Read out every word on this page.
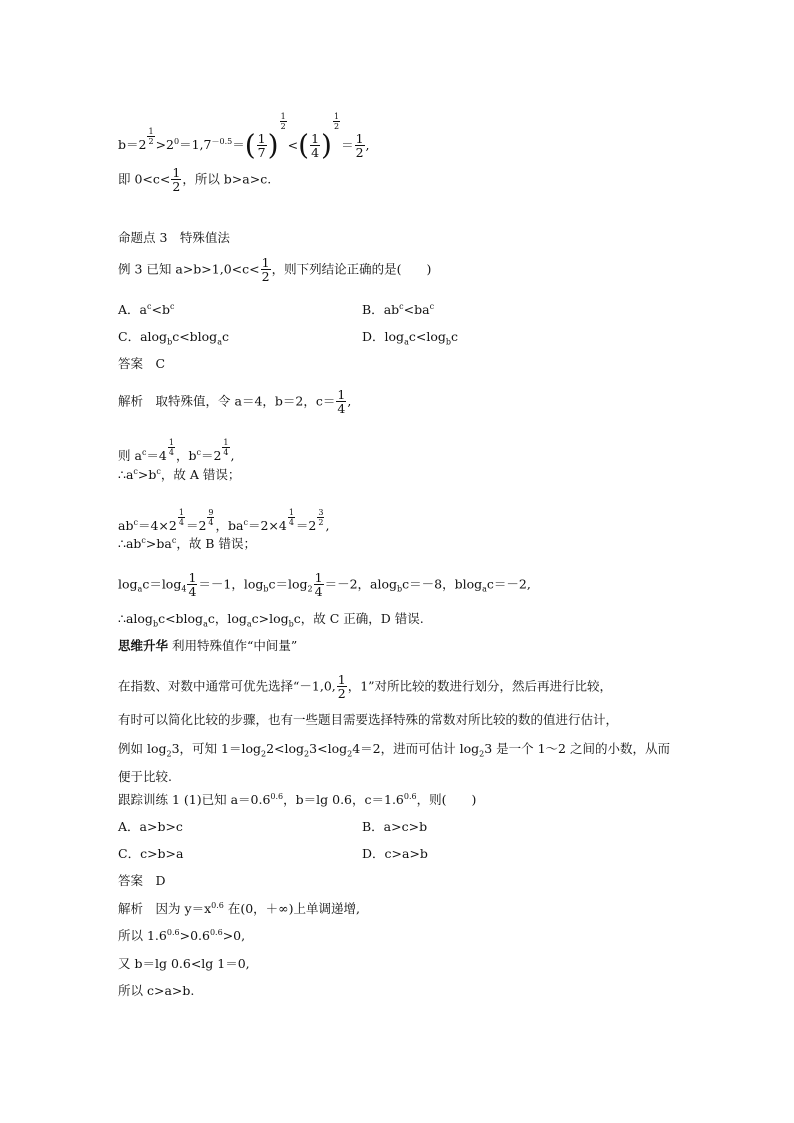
$b=2 \frac{1}{2} >2^0=1,7^{-0.5}=( \frac{1}{7}$ )
$\frac{1}{2}$
<( $\frac{1}{4}$ )
$\frac{1}{2}$
＝ $\frac{1}{2}$ ,
即 $0<c< \frac{1}{2}$ ，所以 b>a>c.
命题点 3　特殊值法
例 3 已知 $a>b>1,0<c< \frac{1}{2}$ ，则下列结论正确的是(　　)
A．$a^c<b^c$	B．$ab^c<ba^c$
C．alog$_b$c<blog$_a$c	D．$\log_ac<\log_bc$
答案　 C
解析　 取特殊值，令 a＝4，b＝2，$c= \frac{1}{4}$ ,
则 $a^c=4 \frac{1}{4}$ ，$b^c=2 \frac{1}{4}$ ,
$\therefore a^c>b^c$，故 A 错误；
$ab^c=4\times 2 \frac{1}{4} =2 \frac{9}{4}$ ，$ba^c=2\times 4 \frac{1}{4} =2 \frac{3}{2}$ ,
$\therefore ab^c>ba^c$，故 B 错误；
$\log_ac=\log_4 \frac{1}{4} =-1$，$\log_bc=\log_2 \frac{1}{4} =-2$，alog$_b$c＝－8，blog$_a$c＝－2,
∴alog$_b$c<blog$_a$c，$\log_ac>\log_bc$，故 C 正确，D 错误.
思维升华 利用特殊值作“中间量”
在指数、对数中通常可优先选择“－1,0, $\frac{1}{2}$ ，1”对所比较的数进行划分，然后再进行比较，
有时可以简化比较的步骤，也有一些题目需要选择特殊的常数对所比较的数的值进行估计，
例如 $\log_23$，可知 $1=\log_22<\log_23<\log_24=2$，进而可估计 $\log_23$ 是一个 1～2 之间的小数，从而
便于比较.
跟踪训练 1 (1)已知 $a=0.6^{0.6}$，b＝lg 0.6，$c=1.6^{0.6}$，则(　　)
A．a>b>c	B．a>c>b
C．c>b>a	D．c>a>b
答案　 D
解析　 因为 $y=x^{0.6}$ 在(0，＋∞)上单调递增,
所以 $1.6^{0.6}>0.6^{0.6}>0$,
又 b＝lg 0.6<lg 1＝0,
所以 c>a>b.
